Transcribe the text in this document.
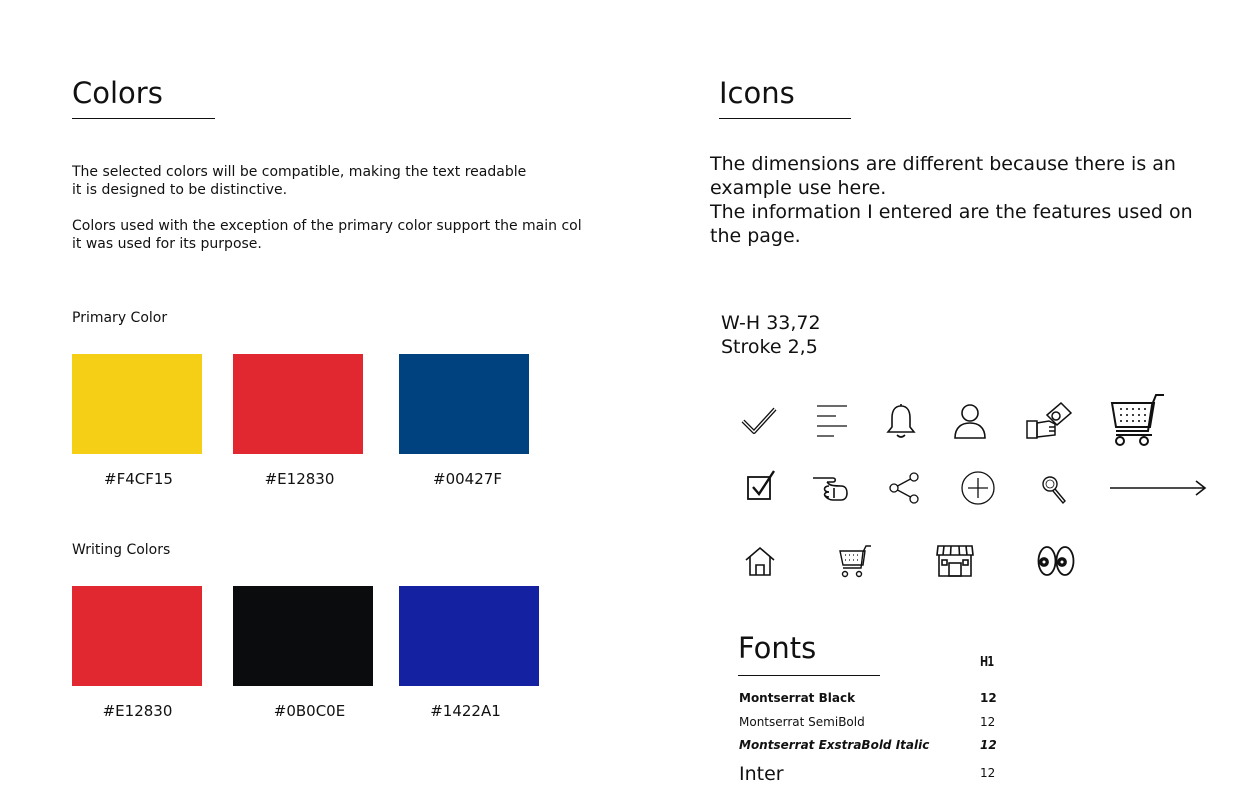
Colors
The selected colors will be compatible, making the text readable
it is designed to be distinctive.
Colors used with the exception of the primary color support the main col
it was used for its purpose.
Primary Color
#F4CF15	#E12830	#00427F
Writing Colors
#E12830	#0B0C0E	#1422A1
Icons
The dimensions are different because there is an
example use here.
The information I entered are the features used on
the page.
W-H 33,72
Stroke 2,5
Fonts	H1
Montserrat Black	12
Montserrat SemiBold	12
Montserrat ExstraBold Italic	12
Inter	12
